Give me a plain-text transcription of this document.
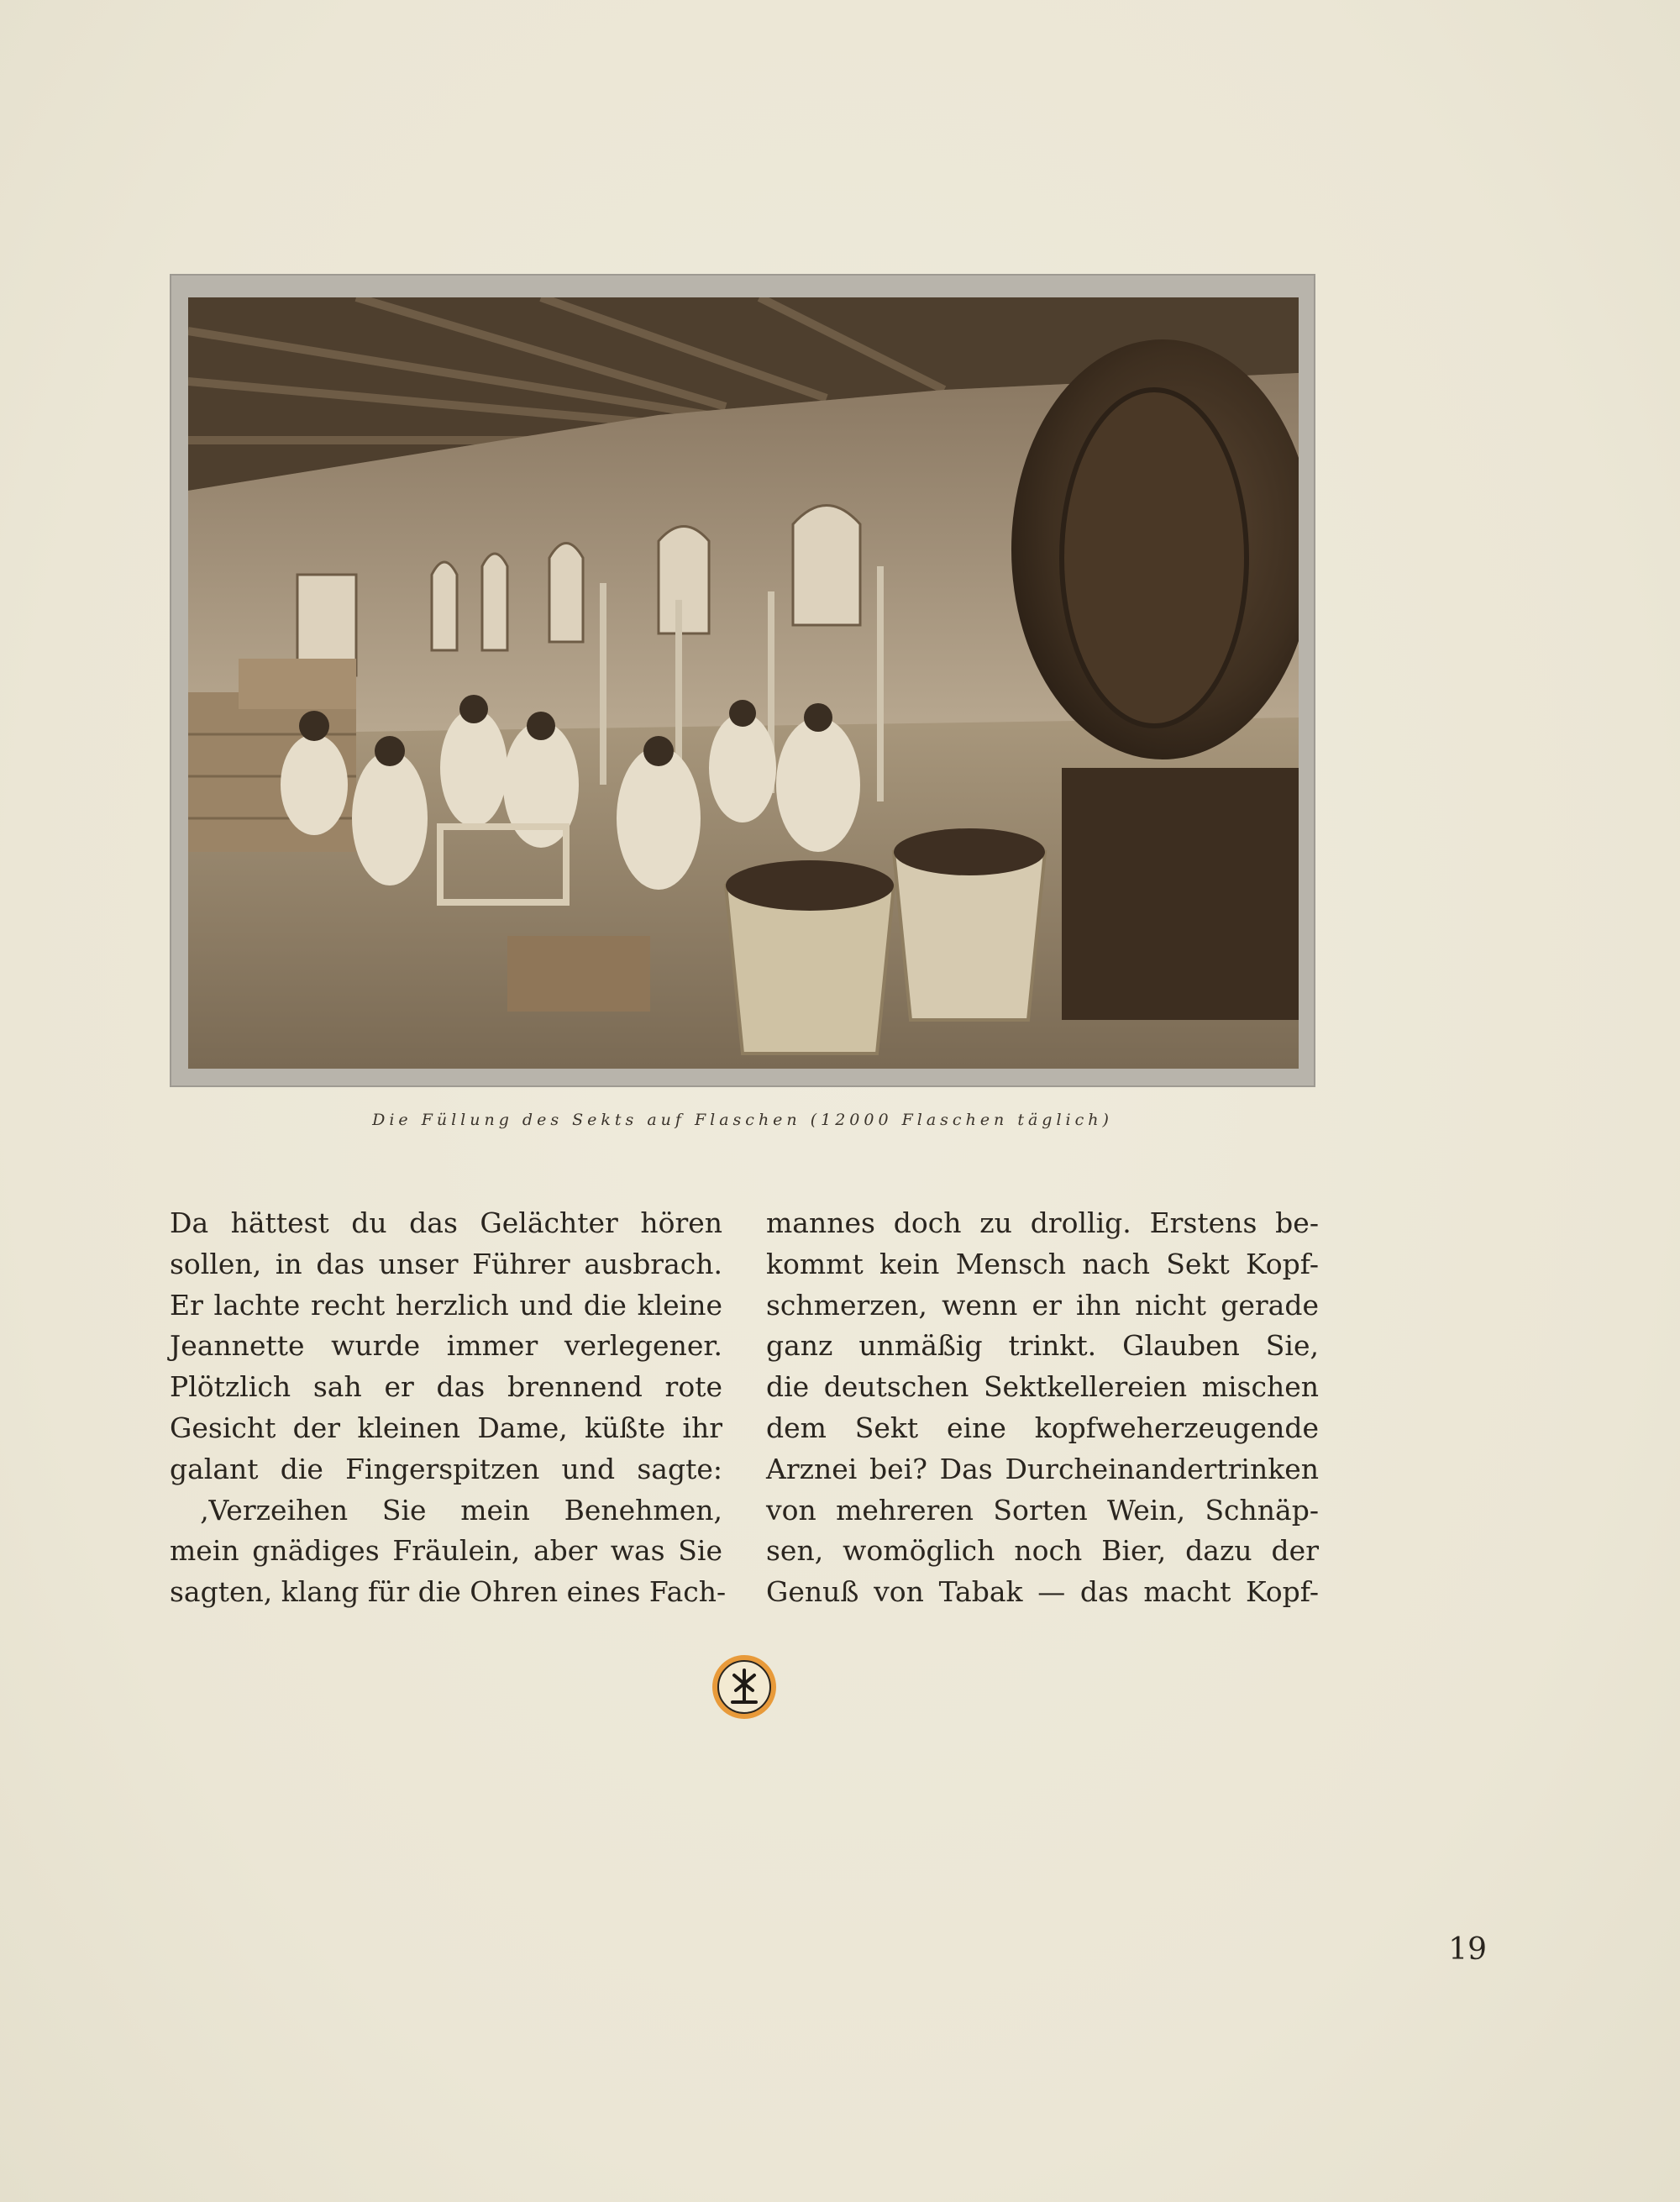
Die Füllung des Sekts auf Flaschen (12000 Flaschen täglich)
Da hättest du das Gelächter hören
sollen, in das unser Führer ausbrach.
Er lachte recht herzlich und die kleine
Jeannette wurde immer verlegener.
Plötzlich sah er das brennend rote
Gesicht der kleinen Dame, küßte ihr
galant die Fingerspitzen und sagte:
‚Verzeihen Sie mein Benehmen,
mein gnädiges Fräulein, aber was Sie
sagten, klang für die Ohren eines Fach-
mannes doch zu drollig. Erstens be-
kommt kein Mensch nach Sekt Kopf-
schmerzen, wenn er ihn nicht gerade
ganz unmäßig trinkt. Glauben Sie,
die deutschen Sektkellereien mischen
dem Sekt eine kopfweherzeugende
Arznei bei? Das Durcheinandertrinken
von mehreren Sorten Wein, Schnäp-
sen, womöglich noch Bier, dazu der
Genuß von Tabak — das macht Kopf-
19
